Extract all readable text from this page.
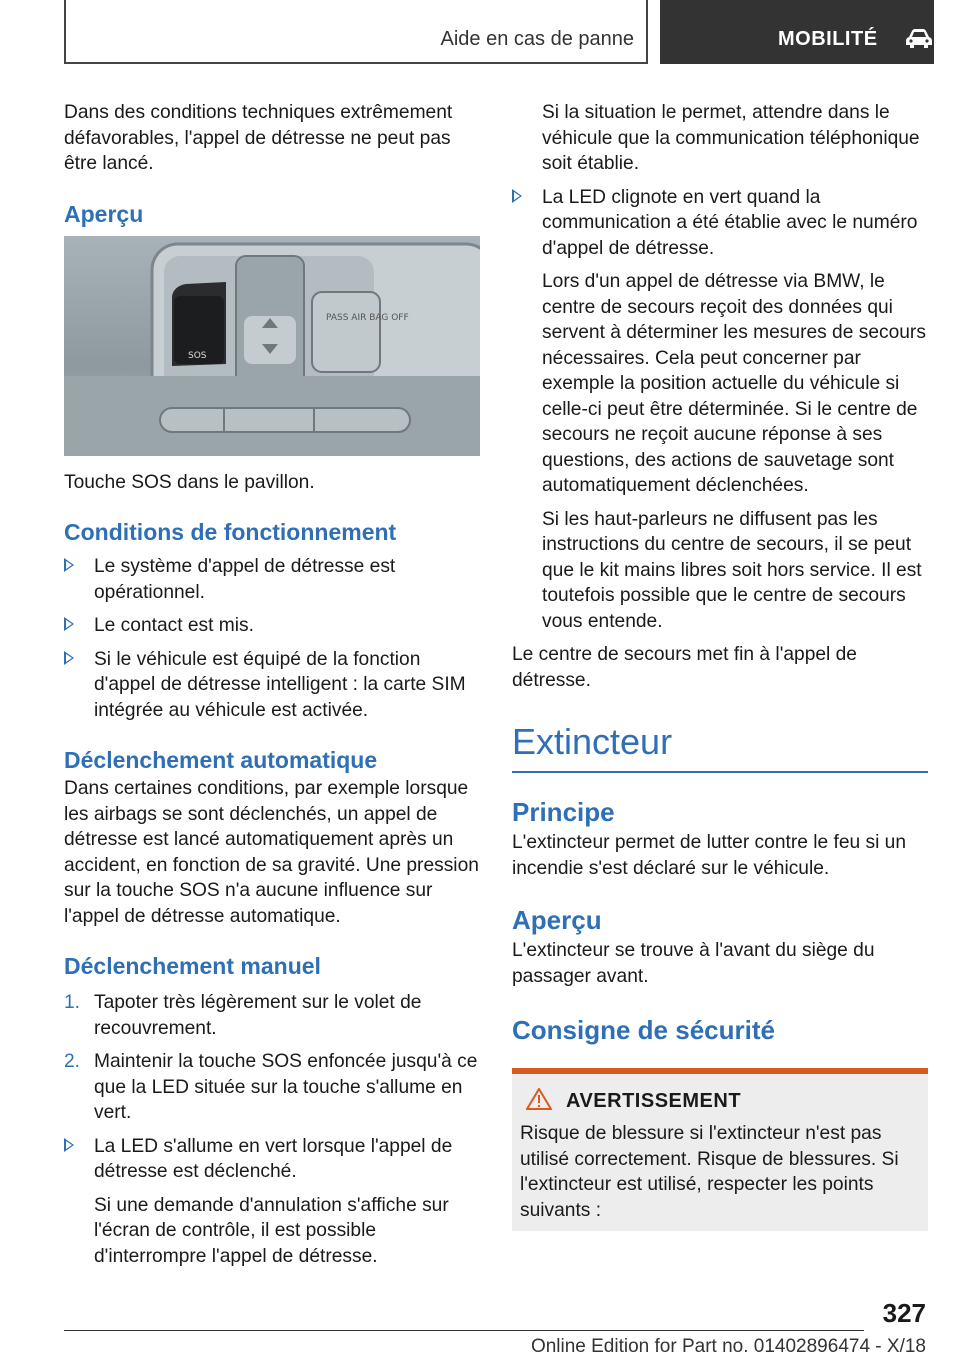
Aide en cas de panne	MOBILITÉ

Dans des conditions techniques extrêmement défavorables, l'appel de détresse ne peut pas être lancé.

Aperçu
SOS
PASS AIR BAG OFF

Touche SOS dans le pavillon.

Conditions de fonctionnement

Le système d'appel de détresse est opérationnel.

Le contact est mis.

Si le véhicule est équipé de la fonction d'appel de détresse intelligent : la carte SIM intégrée au véhicule est activée.

Déclenchement automatique

Dans certaines conditions, par exemple lorsque les airbags se sont déclenchés, un appel de détresse est lancé automatiquement après un accident, en fonction de sa gravité. Une pression sur la touche SOS n'a aucune influence sur l'appel de détresse automatique.

Déclenchement manuel
1. Tapoter très légèrement sur le volet de recouvrement.

2. Maintenir la touche SOS enfoncée jusqu'à ce que la LED située sur la touche s'allume en vert.

La LED s'allume en vert lorsque l'appel de détresse est déclenché.

Si une demande d'annulation s'affiche sur l'écran de contrôle, il est possible d'interrompre l'appel de détresse.

Si la situation le permet, attendre dans le véhicule que la communication téléphonique soit établie.

La LED clignote en vert quand la communication a été établie avec le numéro d'appel de détresse.

Lors d'un appel de détresse via BMW, le centre de secours reçoit des données qui servent à déterminer les mesures de secours nécessaires. Cela peut concerner par exemple la position actuelle du véhicule si celle-ci peut être déterminée. Si le centre de secours ne reçoit aucune réponse à ses questions, des actions de sauvetage sont automatiquement déclenchées.

Si les haut-parleurs ne diffusent pas les instructions du centre de secours, il se peut que le kit mains libres soit hors service. Il est toutefois possible que le centre de secours vous entende.

Le centre de secours met fin à l'appel de détresse.

Extincteur
Principe

L'extincteur permet de lutter contre le feu si un incendie s'est déclaré sur le véhicule.

Aperçu

L'extincteur se trouve à l'avant du siège du passager avant.

Consigne de sécurité
AVERTISSEMENT

Risque de blessure si l'extincteur n'est pas utilisé correctement. Risque de blessures. Si l'extincteur est utilisé, respecter les points suivants :

327
Online Edition for Part no. 01402896474 - X/18
